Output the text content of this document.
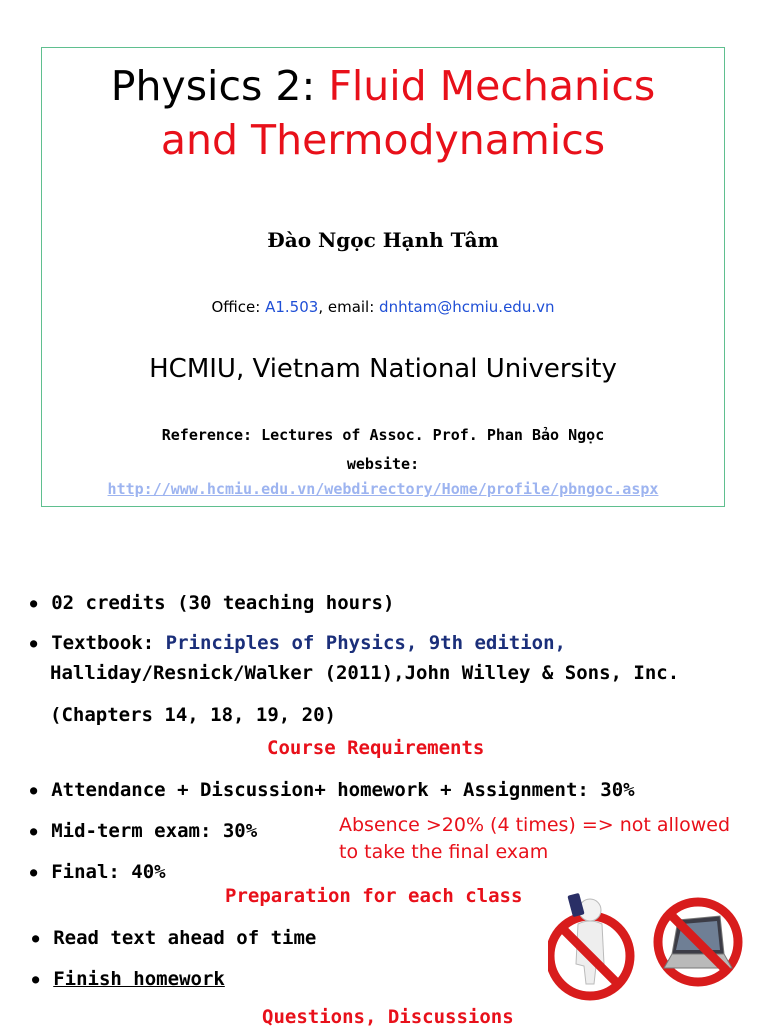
Physics 2: Fluid Mechanics
and Thermodynamics
Đào Ngọc Hạnh Tâm
Office: A1.503, email: dnhtam@hcmiu.edu.vn
HCMIU, Vietnam National University
Reference: Lectures of Assoc. Prof. Phan Bảo Ngọc
website:
http://www.hcmiu.edu.vn/webdirectory/Home/profile/pbngoc.aspx
● 02 credits (30 teaching hours)
● Textbook: Principles of Physics, 9th edition,
Halliday/Resnick/Walker (2011),John Willey & Sons, Inc.
(Chapters 14, 18, 19, 20)
Course Requirements
● Attendance + Discussion+ homework + Assignment: 30%
● Mid-term exam: 30%
● Final: 40%
Absence >20% (4 times) => not allowed
to take the final exam
Preparation for each class
● Read text ahead of time
● Finish homework
Questions, Discussions
